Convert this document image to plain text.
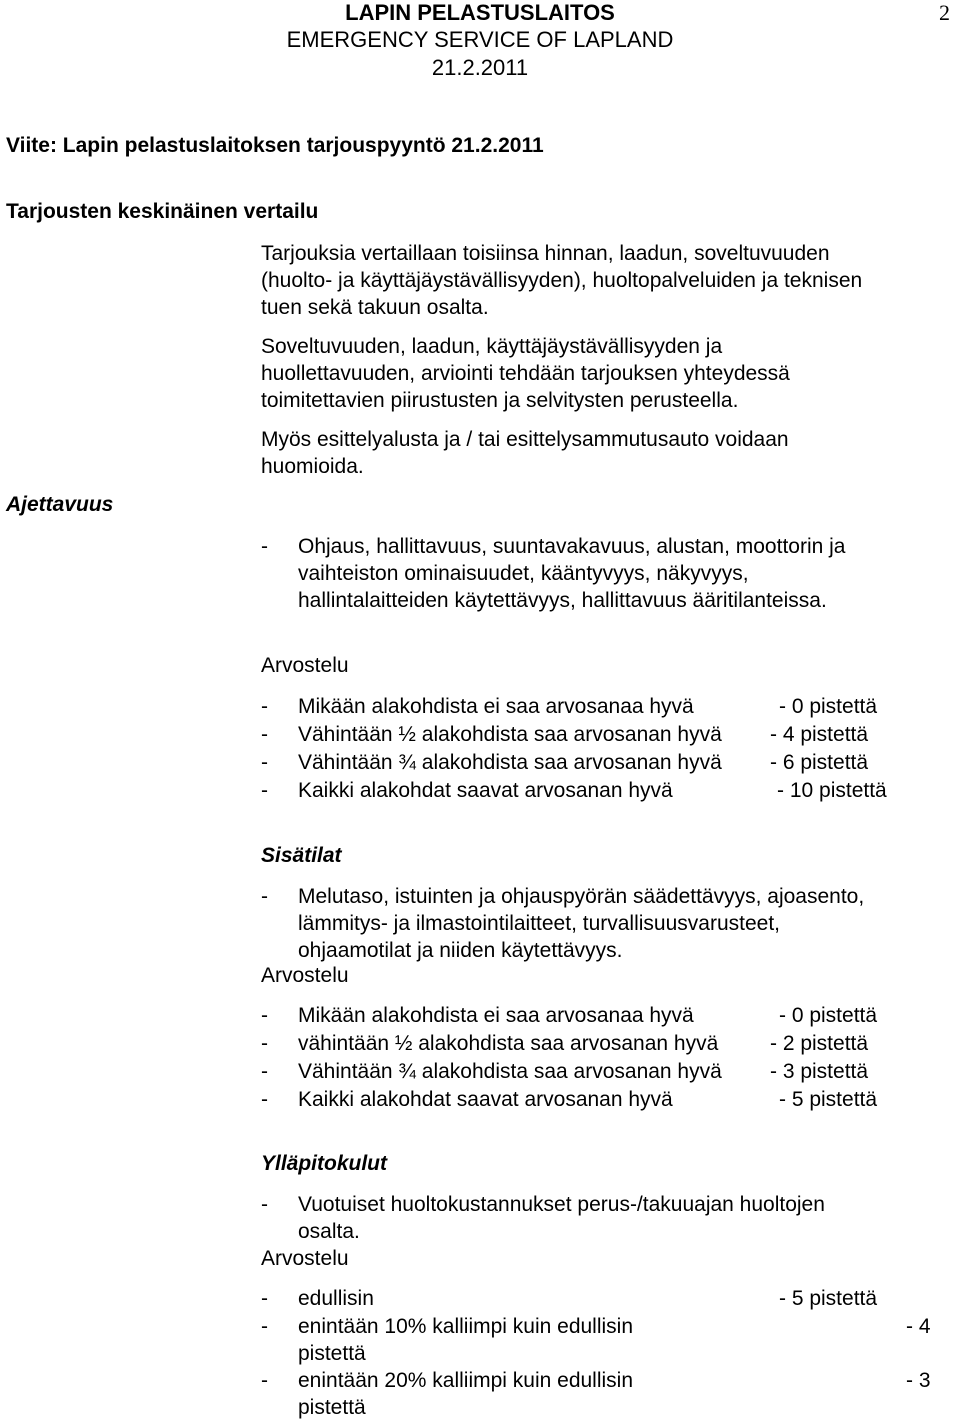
LAPIN PELASTUSLAITOS
EMERGENCY SERVICE OF LAPLAND
21.2.2011
2
Viite: Lapin pelastuslaitoksen tarjouspyyntö 21.2.2011
Tarjousten keskinäinen vertailu
Tarjouksia vertaillaan toisiinsa hinnan, laadun, soveltuvuuden
(huolto- ja käyttäjäystävällisyyden), huoltopalveluiden ja teknisen
tuen sekä takuun osalta.
Soveltuvuuden, laadun, käyttäjäystävällisyyden ja
huollettavuuden, arviointi tehdään tarjouksen yhteydessä
toimitettavien piirustusten ja selvitysten perusteella.
Myös esittelyalusta ja / tai esittelysammutusauto voidaan
huomioida.
Ajettavuus
- Ohjaus, hallittavuus, suuntavakavuus, alustan, moottorin ja
vaihteiston ominaisuudet, kääntyvyys, näkyvyys,
hallintalaitteiden käytettävyys, hallittavuus ääritilanteissa.
Arvostelu
- Mikään alakohdista ei saa arvosanaa hyvä	- 0 pistettä
- Vähintään ½ alakohdista saa arvosanan hyvä - 4 pistettä
- Vähintään ¾ alakohdista saa arvosanan hyvä - 6 pistettä
- Kaikki alakohdat saavat arvosanan hyvä	- 10 pistettä
Sisätilat
- Melutaso, istuinten ja ohjauspyörän säädettävyys, ajoasento,
lämmitys- ja ilmastointilaitteet, turvallisuusvarusteet,
ohjaamotilat ja niiden käytettävyys.
Arvostelu
- Mikään alakohdista ei saa arvosanaa hyvä	- 0 pistettä
- vähintään ½ alakohdista saa arvosanan hyvä - 2 pistettä
- Vähintään ¾ alakohdista saa arvosanan hyvä - 3 pistettä
- Kaikki alakohdat saavat arvosanan hyvä	- 5 pistettä
Ylläpitokulut
- Vuotuiset huoltokustannukset perus-/takuuajan huoltojen
osalta.
Arvostelu
- edullisin	- 5 pistettä
- enintään 10% kalliimpi kuin edullisin	- 4
pistettä
- enintään 20% kalliimpi kuin edullisin	- 3
pistettä
